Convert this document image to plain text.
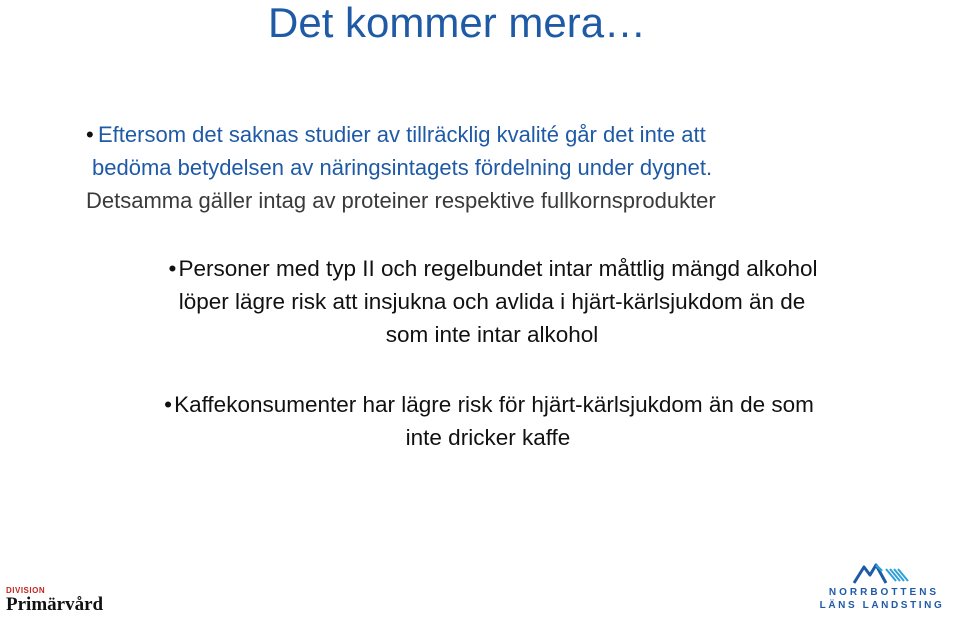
Det kommer mera…
• Eftersom det saknas studier av tillräcklig kvalité går det inte att
bedöma betydelsen av näringsintagets fördelning under dygnet.
Detsamma gäller intag av proteiner respektive fullkornsprodukter
•Personer med typ II och regelbundet intar måttlig mängd alkohol
löper lägre risk att insjukna och avlida i hjärt-kärlsjukdom än de
som inte intar alkohol
•Kaffekonsumenter har lägre risk för hjärt-kärlsjukdom än de som
inte dricker kaffe
DIVISION
Primärvård
NORRBOTTENS
LÄNS LANDSTING
